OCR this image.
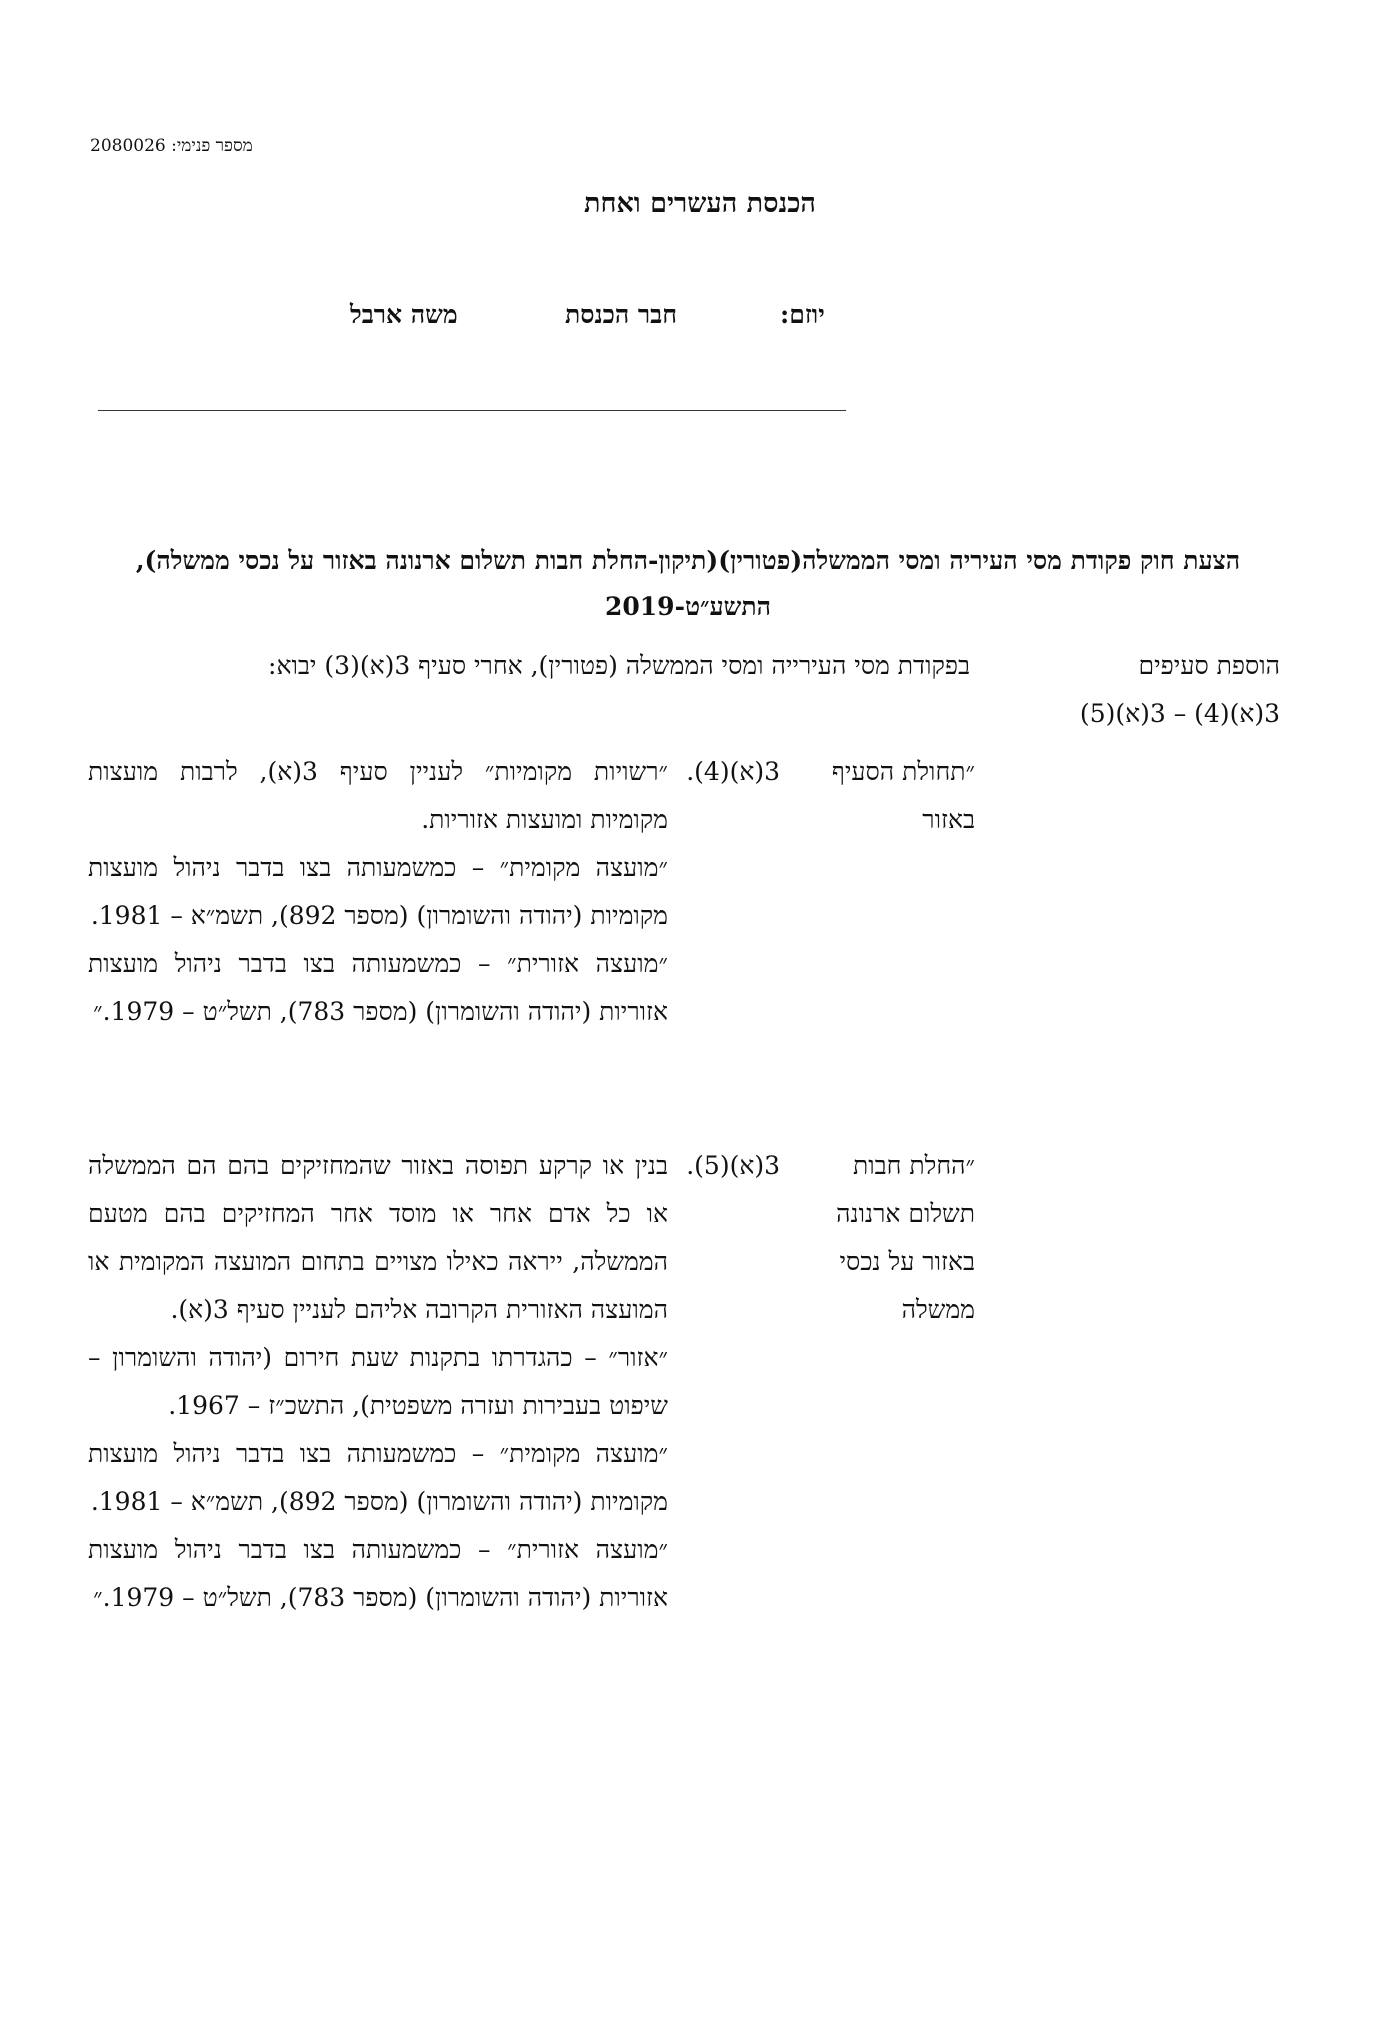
מספר פנימי: 2080026
הכנסת העשרים ואחת
יוזם:
חבר הכנסת
משה ארבל
הצעת חוק פקודת מסי העיריה ומסי הממשלה(פטורין)(תיקון-החלת חבות תשלום ארנונה באזור על נכסי ממשלה), התשע״ט-2019
הוספת סעיפים
3(א)(4) – 3(א)(5)
בפקודת מסי העירייה ומסי הממשלה (פטורין), אחרי סעיף 3(א)(3) יבוא:
״תחולת הסעיף
באזור
3(א)(4).

״רשויות מקומיות״ לעניין סעיף 3(א), לרבות מועצות מקומיות ומועצות אזוריות.

״מועצה מקומית״ – כמשמעותה בצו בדבר ניהול מועצות מקומיות (יהודה והשומרון) (מספר 892), תשמ״א – 1981.

״מועצה אזורית״ – כמשמעותה בצו בדבר ניהול מועצות אזוריות (יהודה והשומרון) (מספר 783), תשל״ט – 1979.״

״החלת חבות
תשלום ארנונה
באזור על נכסי
ממשלה
3(א)(5).

בנין או קרקע תפוסה באזור שהמחזיקים בהם הם הממשלה או כל אדם אחר או מוסד אחר המחזיקים בהם מטעם הממשלה, ייראה כאילו מצויים בתחום המועצה המקומית או המועצה האזורית הקרובה אליהם לעניין סעיף 3(א).

״אזור״ – כהגדרתו בתקנות שעת חירום (יהודה והשומרון – שיפוט בעבירות ועזרה משפטית), התשכ״ז – 1967.

״מועצה מקומית״ – כמשמעותה בצו בדבר ניהול מועצות מקומיות (יהודה והשומרון) (מספר 892), תשמ״א – 1981.

״מועצה אזורית״ – כמשמעותה בצו בדבר ניהול מועצות אזוריות (יהודה והשומרון) (מספר 783), תשל״ט – 1979.״
